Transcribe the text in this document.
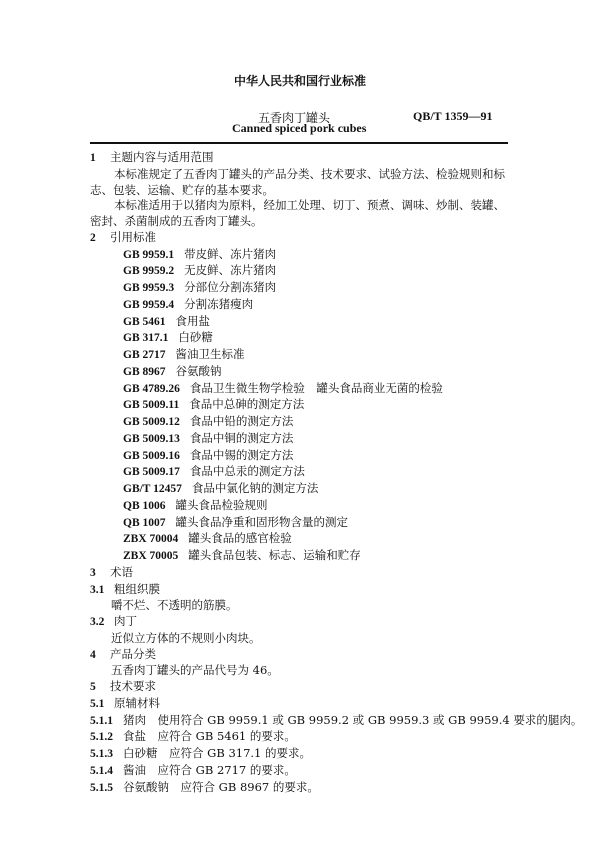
中华人民共和国行业标准
五香肉丁罐头	QB/T 1359—91
Canned spiced pork cubes
1 主题内容与适用范围
本标准规定了五香肉丁罐头的产品分类、技术要求、试验方法、检验规则和标志、包装、运输、贮存的基本要求。
本标准适用于以猪肉为原料，经加工处理、切丁、预煮、调味、炒制、装罐、密封、杀菌制成的五香肉丁罐头。
2 引用标准
GB 9959.1 带皮鲜、冻片猪肉
GB 9959.2 无皮鲜、冻片猪肉
GB 9959.3 分部位分割冻猪肉
GB 9959.4 分割冻猪瘦肉
GB 5461 食用盐
GB 317.1 白砂糖
GB 2717 酱油卫生标准
GB 8967 谷氨酸钠
GB 4789.26 食品卫生微生物学检验　罐头食品商业无菌的检验
GB 5009.11 食品中总砷的测定方法
GB 5009.12 食品中铅的测定方法
GB 5009.13 食品中铜的测定方法
GB 5009.16 食品中锡的测定方法
GB 5009.17 食品中总汞的测定方法
GB/T 12457 食品中氯化钠的测定方法
QB 1006 罐头食品检验规则
QB 1007 罐头食品净重和固形物含量的测定
ZBX 70004 罐头食品的感官检验
ZBX 70005 罐头食品包装、标志、运输和贮存
3 术语
3.1 粗组织膜
嚼不烂、不透明的筋膜。
3.2 肉丁
近似立方体的不规则小肉块。
4 产品分类
五香肉丁罐头的产品代号为 46。
5 技术要求
5.1 原辅材料
5.1.1 猪肉　使用符合 GB 9959.1 或 GB 9959.2 或 GB 9959.3 或 GB 9959.4 要求的腿肉。
5.1.2 食盐　应符合 GB 5461 的要求。
5.1.3 白砂糖　应符合 GB 317.1 的要求。
5.1.4 酱油　应符合 GB 2717 的要求。
5.1.5 谷氨酸钠　应符合 GB 8967 的要求。
